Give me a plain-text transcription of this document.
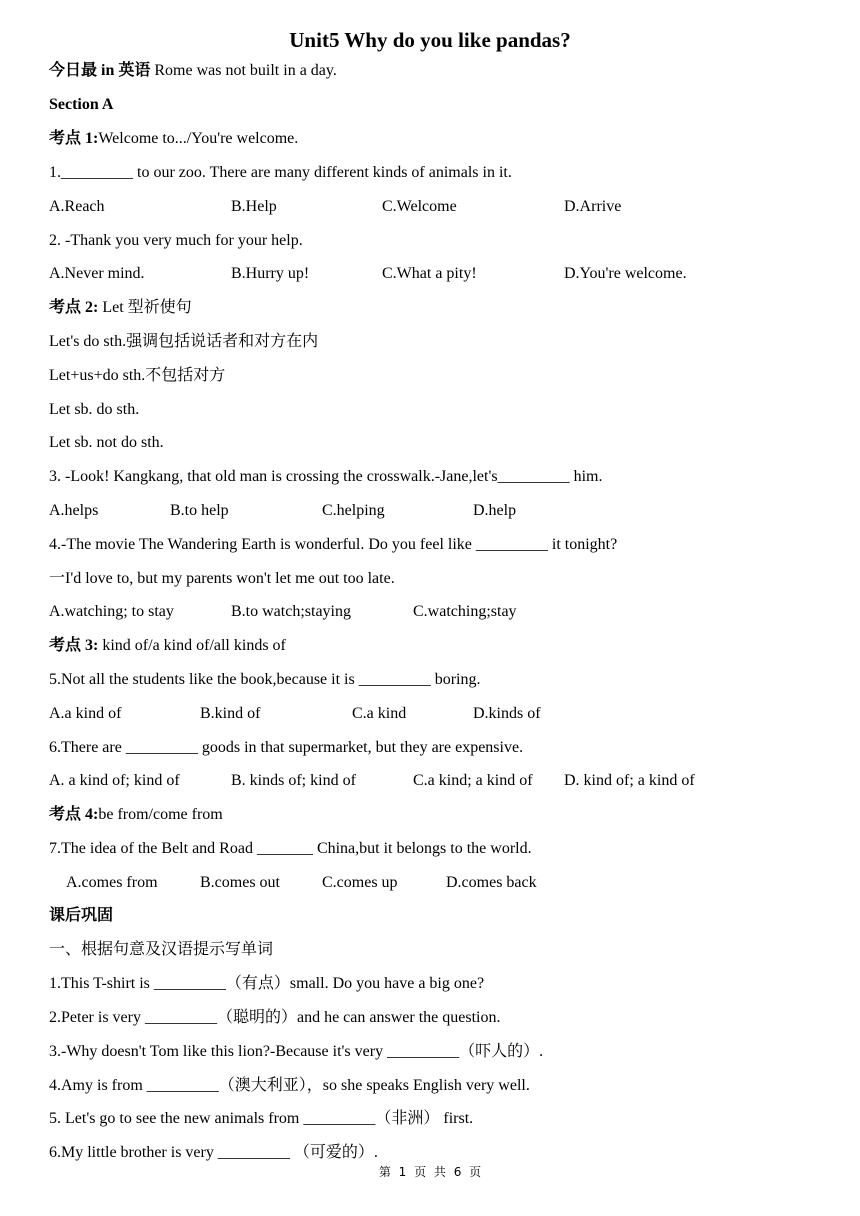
Unit5 Why do you like pandas?
今日最 in 英语 Rome was not built in a day.
Section A
考点 1:Welcome to.../You're welcome.
1._________ to our zoo. There are many different kinds of animals in it.
A.Reach	B.Help	C.Welcome	D.Arrive
2. -Thank you very much for your help.
A.Never mind.	B.Hurry up!	C.What a pity!	D.You're welcome.
考点 2: Let 型祈使句
Let's do sth.强调包括说话者和对方在内
Let+us+do sth.不包括对方
Let sb. do sth.
Let sb. not do sth.
3. -Look! Kangkang, that old man is crossing the crosswalk.-Jane,let's_________ him.
A.helps	B.to help	C.helping	D.help
4.-The movie The Wandering Earth is wonderful. Do you feel like _________ it tonight?
一I'd love to, but my parents won't let me out too late.
A.watching; to stay	B.to watch;staying	C.watching;stay
考点 3: kind of/a kind of/all kinds of
5.Not all the students like the book,because it is _________ boring.
A.a kind of	B.kind of	C.a kind	D.kinds of
6.There are _________ goods in that supermarket, but they are expensive.
A. a kind of; kind of	B. kinds of; kind of	C.a kind; a kind of D. kind of; a kind of
考点 4:be from/come from
7.The idea of the Belt and Road _______ China,but it belongs to the world.
A.comes from	B.comes out	C.comes up	D.comes back
课后巩固
一、根据句意及汉语提示写单词
1.This T-shirt is _________（有点）small. Do you have a big one?
2.Peter is very _________（聪明的）and he can answer the question.
3.-Why doesn't Tom like this lion?-Because it's very _________（吓人的）.
4.Amy is from _________（澳大利亚），so she speaks English very well.
5. Let's go to see the new animals from _________（非洲） first.
6.My little brother is very _________ （可爱的）.
第 1 页 共 6 页
